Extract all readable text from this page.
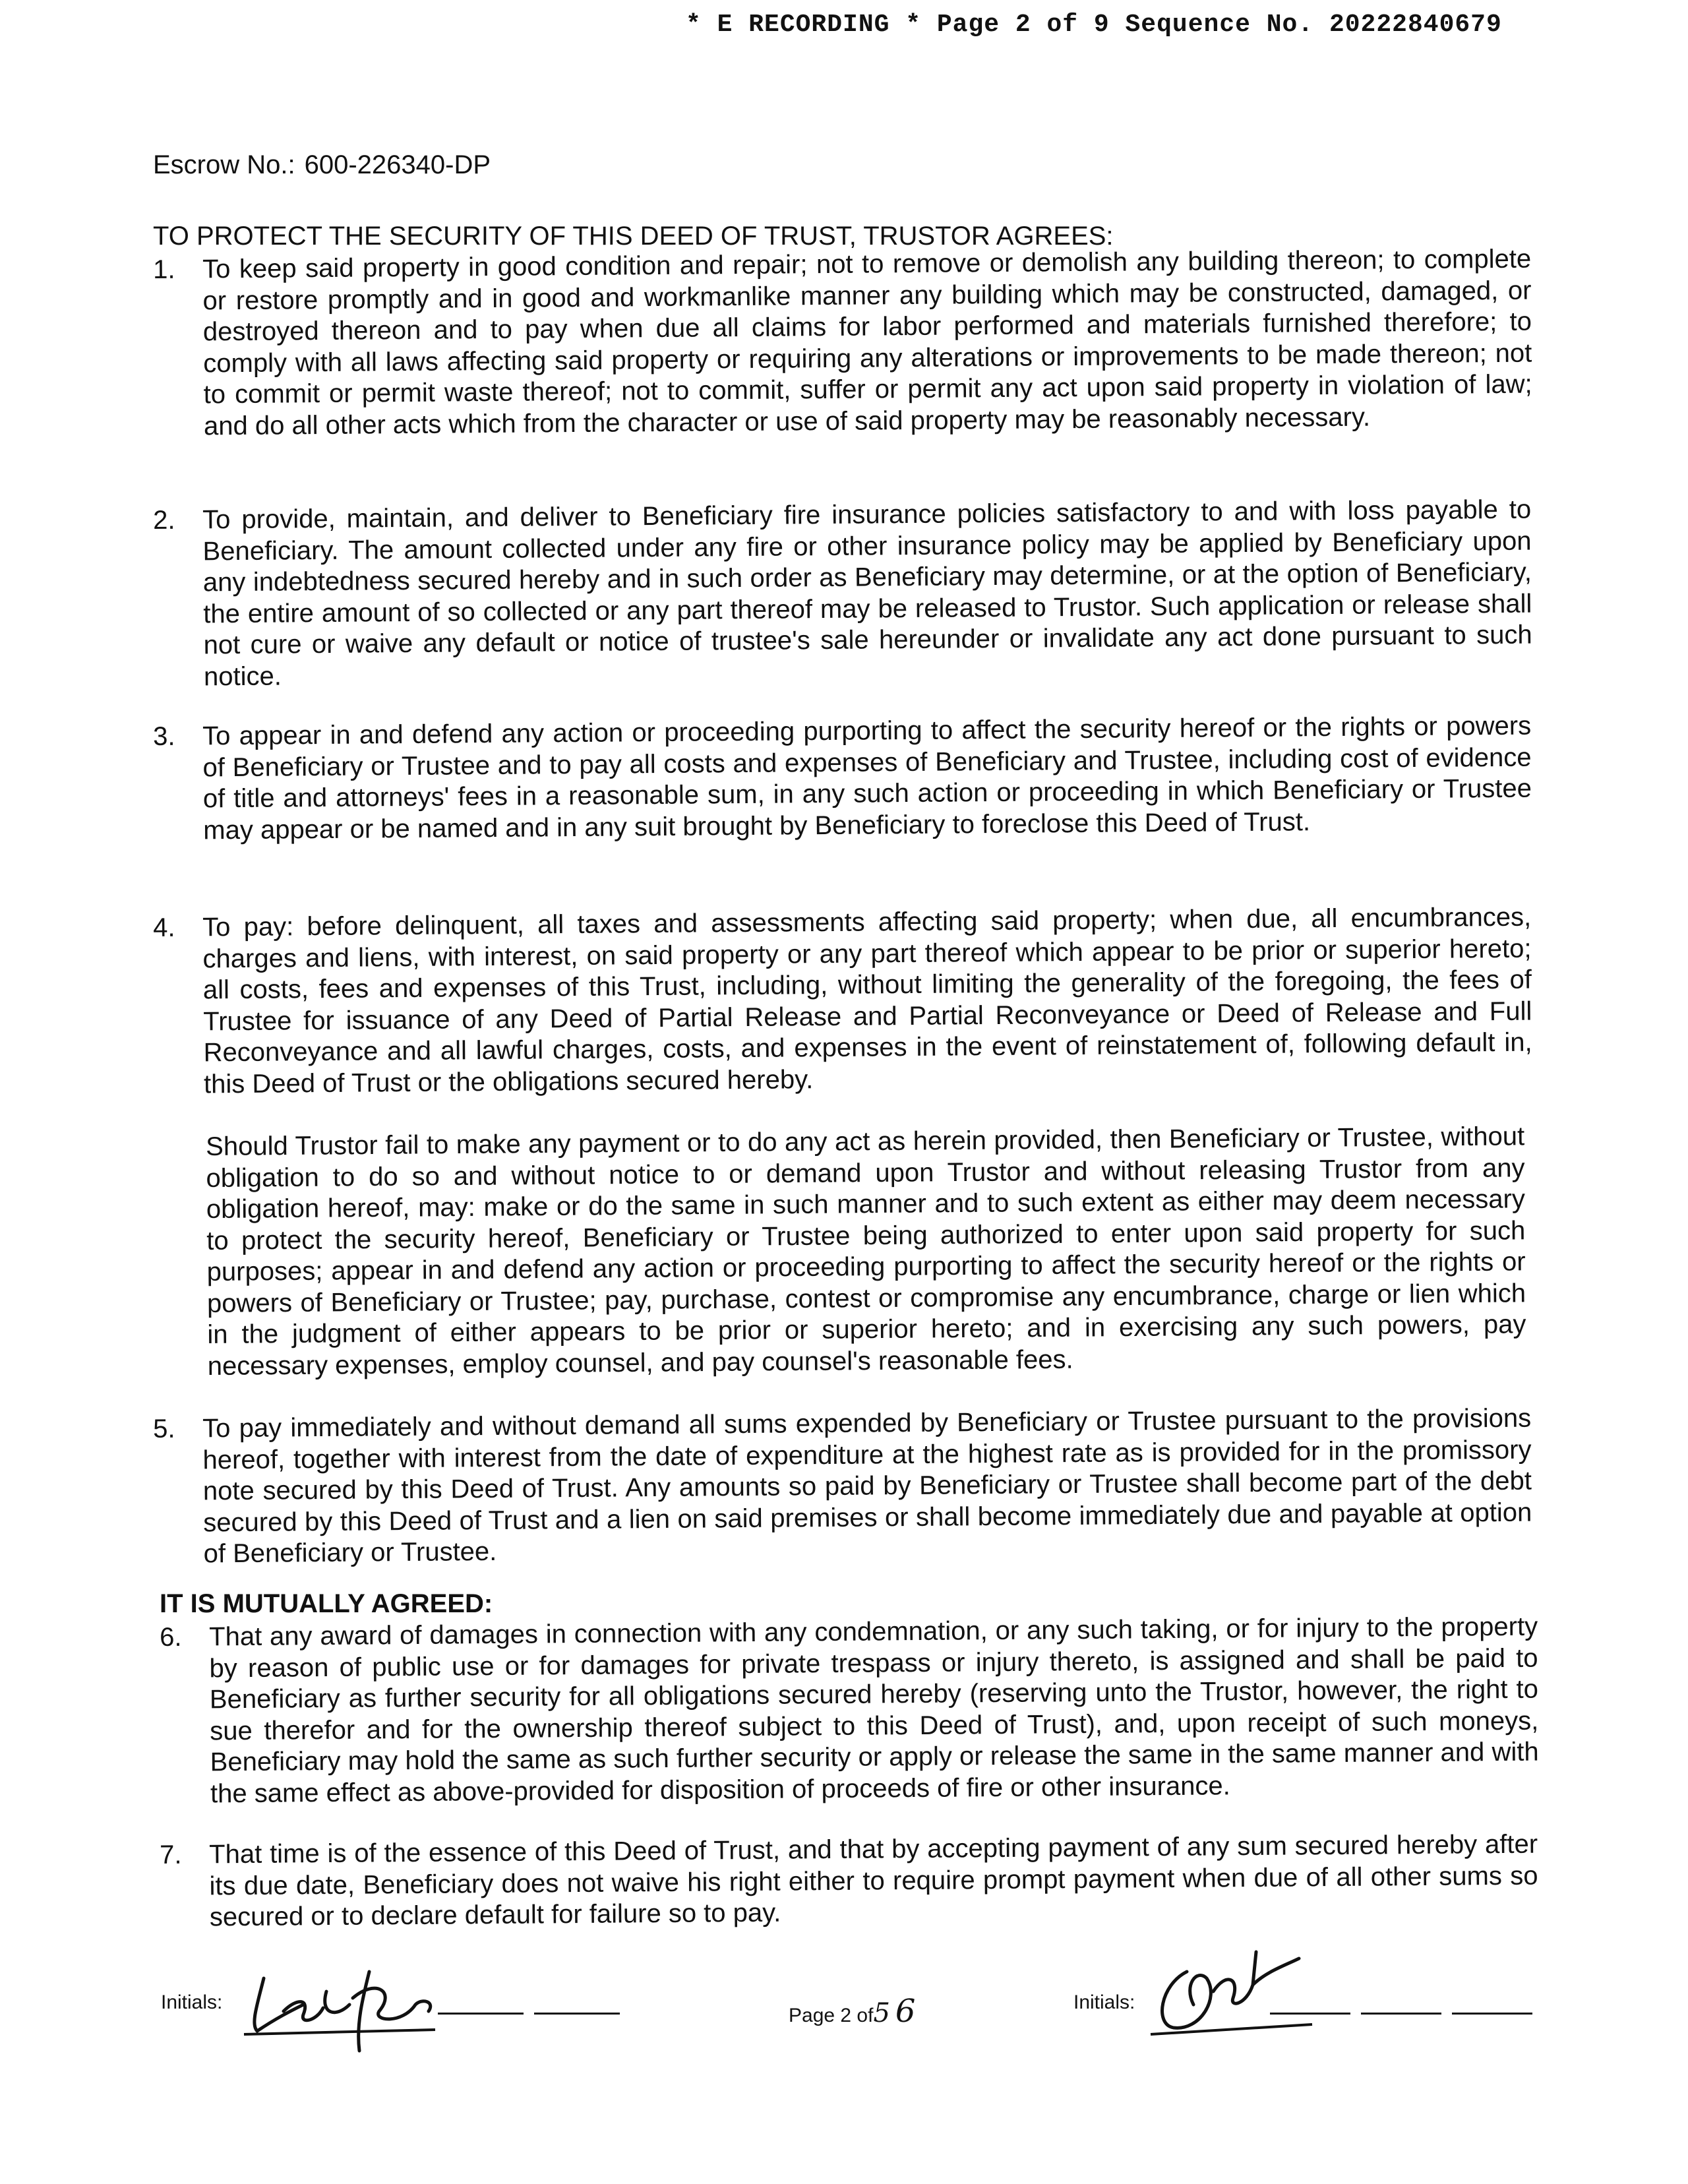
* E RECORDING * Page 2 of 9 Sequence No. 20222840679
Escrow No.: 600-226340-DP
TO PROTECT THE SECURITY OF THIS DEED OF TRUST, TRUSTOR AGREES:
1.	To keep said property in good condition and repair; not to remove or demolish any building thereon; to complete or restore promptly and in good and workmanlike manner any building which may be constructed, damaged, or destroyed thereon and to pay when due all claims for labor performed and materials furnished therefore; to comply with all laws affecting said property or requiring any alterations or improvements to be made thereon; not to commit or permit waste thereof; not to commit, suffer or permit any act upon said property in violation of law; and do all other acts which from the character or use of said property may be reasonably necessary.
2.	To provide, maintain, and deliver to Beneficiary fire insurance policies satisfactory to and with loss payable to Beneficiary. The amount collected under any fire or other insurance policy may be applied by Beneficiary upon any indebtedness secured hereby and in such order as Beneficiary may determine, or at the option of Beneficiary, the entire amount of so collected or any part thereof may be released to Trustor. Such application or release shall not cure or waive any default or notice of trustee's sale hereunder or invalidate any act done pursuant to such notice.
3.	To appear in and defend any action or proceeding purporting to affect the security hereof or the rights or powers of Beneficiary or Trustee and to pay all costs and expenses of Beneficiary and Trustee, including cost of evidence of title and attorneys' fees in a reasonable sum, in any such action or proceeding in which Beneficiary or Trustee may appear or be named and in any suit brought by Beneficiary to foreclose this Deed of Trust.
4.	To pay: before delinquent, all taxes and assessments affecting said property; when due, all encumbrances, charges and liens, with interest, on said property or any part thereof which appear to be prior or superior hereto; all costs, fees and expenses of this Trust, including, without limiting the generality of the foregoing, the fees of Trustee for issuance of any Deed of Partial Release and Partial Reconveyance or Deed of Release and Full Reconveyance and all lawful charges, costs, and expenses in the event of reinstatement of, following default in, this Deed of Trust or the obligations secured hereby.
Should Trustor fail to make any payment or to do any act as herein provided, then Beneficiary or Trustee, without obligation to do so and without notice to or demand upon Trustor and without releasing Trustor from any obligation hereof, may: make or do the same in such manner and to such extent as either may deem necessary to protect the security hereof, Beneficiary or Trustee being authorized to enter upon said property for such purposes; appear in and defend any action or proceeding purporting to affect the security hereof or the rights or powers of Beneficiary or Trustee; pay, purchase, contest or compromise any encumbrance, charge or lien which in the judgment of either appears to be prior or superior hereto; and in exercising any such powers, pay necessary expenses, employ counsel, and pay counsel's reasonable fees.
5.	To pay immediately and without demand all sums expended by Beneficiary or Trustee pursuant to the provisions hereof, together with interest from the date of expenditure at the highest rate as is provided for in the promissory note secured by this Deed of Trust. Any amounts so paid by Beneficiary or Trustee shall become part of the debt secured by this Deed of Trust and a lien on said premises or shall become immediately due and payable at option of Beneficiary or Trustee.
IT IS MUTUALLY AGREED:
6.	That any award of damages in connection with any condemnation, or any such taking, or for injury to the property by reason of public use or for damages for private trespass or injury thereto, is assigned and shall be paid to Beneficiary as further security for all obligations secured hereby (reserving unto the Trustor, however, the right to sue therefor and for the ownership thereof subject to this Deed of Trust), and, upon receipt of such moneys, Beneficiary may hold the same as such further security or apply or release the same in the same manner and with the same effect as above-provided for disposition of proceeds of fire or other insurance.
7.	That time is of the essence of this Deed of Trust, and that by accepting payment of any sum secured hereby after its due date, Beneficiary does not waive his right either to require prompt payment when due of all other sums so secured or to declare default for failure so to pay.
Initials:
Page 2 of5 6	Initials:
